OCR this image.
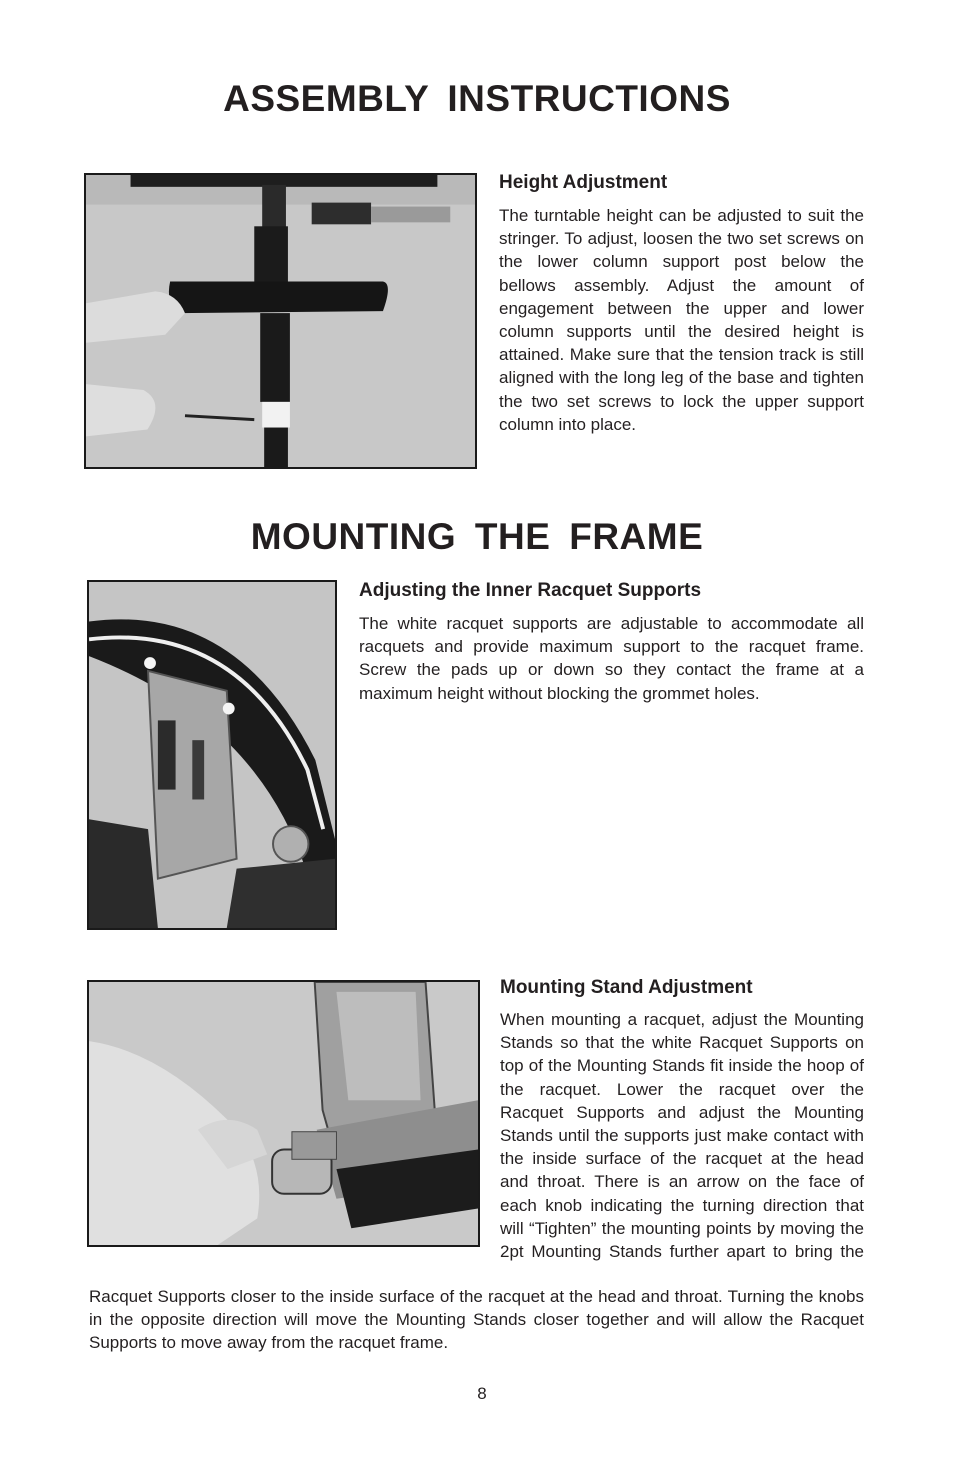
ASSEMBLY INSTRUCTIONS
Height Adjustment

The turntable height can be adjusted to suit the stringer. To adjust, loosen the two set screws on the lower column support post below the bellows assembly. Adjust the amount of engagement between the upper and lower column supports until the desired height is attained. Make sure that the tension track is still aligned with the long leg of the base and tighten the two set screws to lock the upper support column into place.

MOUNTING THE FRAME
Adjusting the Inner Racquet Supports

The white racquet supports are adjustable to accommodate all racquets and provide maximum support to the racquet frame. Screw the pads up or down so they contact the frame at a maximum height without blocking the grommet holes.

Mounting Stand Adjustment

When mounting a racquet, adjust the Mounting Stands so that the white Racquet Supports on top of the Mounting Stands fit inside the hoop of the racquet. Lower the racquet over the Racquet Supports and adjust the Mounting Stands until the supports just make contact with the inside surface of the racquet at the head and throat. There is an arrow on the face of each knob indicating the turning direction that will “Tighten” the mounting points by moving the 2pt Mounting Stands further apart to bring the

Racquet Supports closer to the inside surface of the racquet at the head and throat. Turning the knobs in the opposite direction will move the Mounting Stands closer together and will allow the Racquet Supports to move away from the racquet frame.

8
